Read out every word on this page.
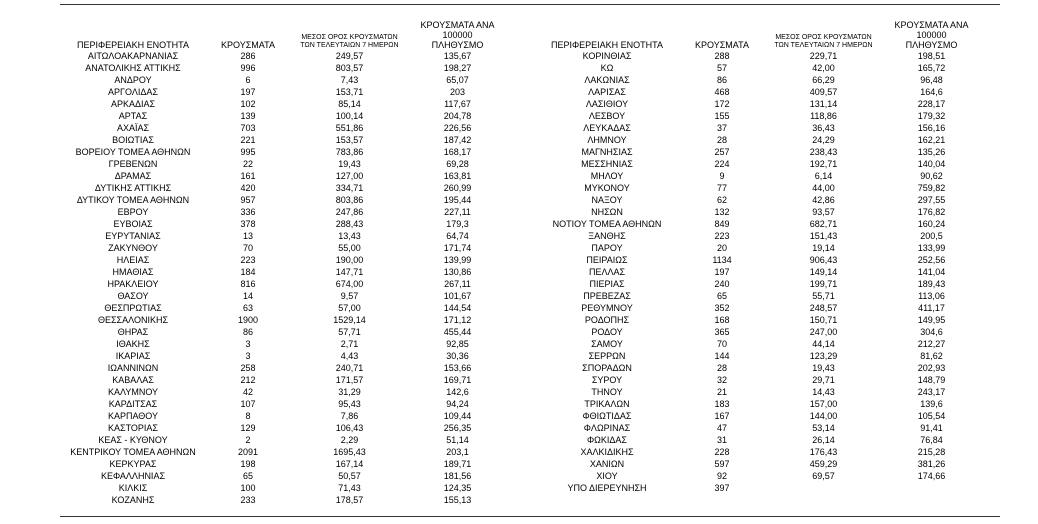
ΠΕΡΙΦΕΡΕΙΑΚΗ ΕΝΟΤΗΤΑ	ΚΡΟΥΣΜΑΤΑ	ΜΕΣΟΣ ΟΡΟΣ ΚΡΟΥΣΜΑΤΩΝ
ΤΩΝ ΤΕΛΕΥΤΑΙΩΝ 7 ΗΜΕΡΩΝ	ΚΡΟΥΣΜΑΤΑ ΑΝΑ 100000
ΠΛΗΘΥΣΜΟ
ΑΙΤΩΛΟΑΚΑΡΝΑΝΙΑΣ	286	249,57	135,67
ΑΝΑΤΟΛΙΚΗΣ ΑΤΤΙΚΗΣ	996	803,57	198,27
ΑΝΔΡΟΥ	6	7,43	65,07
ΑΡΓΟΛΙΔΑΣ	197	153,71	203
ΑΡΚΑΔΙΑΣ	102	85,14	117,67
ΑΡΤΑΣ	139	100,14	204,78
ΑΧΑΪΑΣ	703	551,86	226,56
ΒΟΙΩΤΙΑΣ	221	153,57	187,42
ΒΟΡΕΙΟΥ ΤΟΜΕΑ ΑΘΗΝΩΝ	995	783,86	168,17
ΓΡΕΒΕΝΩΝ	22	19,43	69,28
ΔΡΑΜΑΣ	161	127,00	163,81
ΔΥΤΙΚΗΣ ΑΤΤΙΚΗΣ	420	334,71	260,99
ΔΥΤΙΚΟΥ ΤΟΜΕΑ ΑΘΗΝΩΝ	957	803,86	195,44
ΕΒΡΟΥ	336	247,86	227,11
ΕΥΒΟΙΑΣ	378	288,43	179,3
ΕΥΡΥΤΑΝΙΑΣ	13	13,43	64,74
ΖΑΚΥΝΘΟΥ	70	55,00	171,74
ΗΛΕΙΑΣ	223	190,00	139,99
ΗΜΑΘΙΑΣ	184	147,71	130,86
ΗΡΑΚΛΕΙΟΥ	816	674,00	267,11
ΘΑΣΟΥ	14	9,57	101,67
ΘΕΣΠΡΩΤΙΑΣ	63	57,00	144,54
ΘΕΣΣΑΛΟΝΙΚΗΣ	1900	1529,14	171,12
ΘΗΡΑΣ	86	57,71	455,44
ΙΘΑΚΗΣ	3	2,71	92,85
ΙΚΑΡΙΑΣ	3	4,43	30,36
ΙΩΑΝΝΙΝΩΝ	258	240,71	153,66
ΚΑΒΑΛΑΣ	212	171,57	169,71
ΚΑΛΥΜΝΟΥ	42	31,29	142,6
ΚΑΡΔΙΤΣΑΣ	107	95,43	94,24
ΚΑΡΠΑΘΟΥ	8	7,86	109,44
ΚΑΣΤΟΡΙΑΣ	129	106,43	256,35
ΚΕΑΣ - ΚΥΘΝΟΥ	2	2,29	51,14
ΚΕΝΤΡΙΚΟΥ ΤΟΜΕΑ ΑΘΗΝΩΝ	2091	1695,43	203,1
ΚΕΡΚΥΡΑΣ	198	167,14	189,71
ΚΕΦΑΛΛΗΝΙΑΣ	65	50,57	181,56
ΚΙΛΚΙΣ	100	71,43	124,35
ΚΟΖΑΝΗΣ	233	178,57	155,13
ΠΕΡΙΦΕΡΕΙΑΚΗ ΕΝΟΤΗΤΑ	ΚΡΟΥΣΜΑΤΑ	ΜΕΣΟΣ ΟΡΟΣ ΚΡΟΥΣΜΑΤΩΝ
ΤΩΝ ΤΕΛΕΥΤΑΙΩΝ 7 ΗΜΕΡΩΝ	ΚΡΟΥΣΜΑΤΑ ΑΝΑ 100000
ΠΛΗΘΥΣΜΟ
ΚΟΡΙΝΘΙΑΣ	288	229,71	198,51
ΚΩ	57	42,00	165,72
ΛΑΚΩΝΙΑΣ	86	66,29	96,48
ΛΑΡΙΣΑΣ	468	409,57	164,6
ΛΑΣΙΘΙΟΥ	172	131,14	228,17
ΛΕΣΒΟΥ	155	118,86	179,32
ΛΕΥΚΑΔΑΣ	37	36,43	156,16
ΛΗΜΝΟΥ	28	24,29	162,21
ΜΑΓΝΗΣΙΑΣ	257	238,43	135,26
ΜΕΣΣΗΝΙΑΣ	224	192,71	140,04
ΜΗΛΟΥ	9	6,14	90,62
ΜΥΚΟΝΟΥ	77	44,00	759,82
ΝΑΞΟΥ	62	42,86	297,55
ΝΗΣΩΝ	132	93,57	176,82
ΝΟΤΙΟΥ ΤΟΜΕΑ ΑΘΗΝΩΝ	849	682,71	160,24
ΞΑΝΘΗΣ	223	151,43	200,5
ΠΑΡΟΥ	20	19,14	133,99
ΠΕΙΡΑΙΩΣ	1134	906,43	252,56
ΠΕΛΛΑΣ	197	149,14	141,04
ΠΙΕΡΙΑΣ	240	199,71	189,43
ΠΡΕΒΕΖΑΣ	65	55,71	113,06
ΡΕΘΥΜΝΟΥ	352	248,57	411,17
ΡΟΔΟΠΗΣ	168	150,71	149,95
ΡΟΔΟΥ	365	247,00	304,6
ΣΑΜΟΥ	70	44,14	212,27
ΣΕΡΡΩΝ	144	123,29	81,62
ΣΠΟΡΑΔΩΝ	28	19,43	202,93
ΣΥΡΟΥ	32	29,71	148,79
ΤΗΝΟΥ	21	14,43	243,17
ΤΡΙΚΑΛΩΝ	183	157,00	139,6
ΦΘΙΩΤΙΔΑΣ	167	144,00	105,54
ΦΛΩΡΙΝΑΣ	47	53,14	91,41
ΦΩΚΙΔΑΣ	31	26,14	76,84
ΧΑΛΚΙΔΙΚΗΣ	228	176,43	215,28
ΧΑΝΙΩΝ	597	459,29	381,26
ΧΙΟΥ	92	69,57	174,66
ΥΠΟ ΔΙΕΡΕΥΝΗΣΗ	397		
